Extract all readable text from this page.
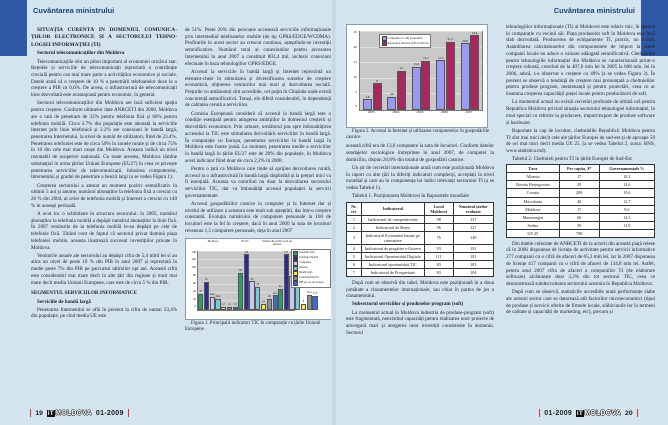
Cuvântarea ministrului	Cuvântarea ministrului

SITUAȚIA CURENTĂ ÎN DOMENIUL COMUNICA-ȚIILOR ELECTRONICE ȘI A SECTORULUI TEHNO-LOGIEI INFORMAȚIEI (TI)

Sectorul telecomunicațiilor din Moldova

Telecomunicațiile sînt un pilon important al economiei oricărui stat. Rețelele și serviciile de telecomunicații reprezintă o contribuție crucială pentru cea mai mare parte a activităților economice și sociale. Datele arată că o creștere de 10 % a penetrării telefoanelor duce la o creștere a PIB cu 0,6%. De aceea, o infrastructură de telecomunicații bine dezvoltată este avantajoasă pentru economie, în general.

Sectorul telecomunicațiilor din Moldova are încă suficient spațiu pentru creștere. Conform ultimelor date ANRCETI din 2008, Moldova are o rată de penetrare de 32% pentru telefonia fixă și 60% pentru telefonia mobilă. Circa 3.7% din populație este abonată la serviciile Internet prin linie telefonică și 2.2% are conexiuni în bandă largă, penetrarea Internetului, la nivel de număr de utilizatori, fiind de 23.4%. Penetrarea telefoniei este de circa 50% în zonele rurale și de circa 75% în 10 din cele mai mari orașe din Moldova. Aceasta indică un nivel rezonabil de acoperire națională. Cu toate acestea, Moldova rămîne substanțial în urma țărilor Uniuni Europene (EU27) în ceea ce privește penetrarea serviciilor de telecomunicații, folosirea computerelor, Internetului și gradul de penetrare a benzii largi (a se vedea Figura 1).

Creșterea sectorului a atestat un moment pozitiv semnificativ în ultimii 5 ani și anume, numărul abonaților la telefonia fixă a crescut cu 26 % din 2004, al celor de telefonia mobilă și Internet a crescut cu 140 % în aceeași perioadă.

A avut loc o schimbare în structura sectorului: în 2005, numărul abonaților la telefonia mobilă a depășit numărul abonaților la linie fixă. În 2007 veniturile de la telefonia mobilă le-au depășit pe cele de telefonie fixă. Ținînd cont de faptul că sectorul privat domină piața telefoniei mobile, aceasta ilustrează succesul investițiilor private în Moldova.

Veniturile anuale ale sectorului au depășit cifra de 5,4 mlrd lei si au atins un nivel de peste 10 % din PIB în anul 2007 și reprezintă în medie peste 7% din PIB pe parcursul ultimilor opt ani. Această cifră este considerabil mai mare decît în alte țări din regiune și mult mai mare decît media Uniunii Europene, care este de circa 5 % din PIB.

SEGMENTUL SERVICIILOR INFORMATICE

Serviciile de bandă largă

Penetrarea Internetului se află în prezent la cifra de numai 23,4% din populație, pe cînd media UE este

de 51%. Peste 20% din persoane accesează serviciile informaționale prin intermediul telefoanelor mobile (de tip GPRS/EDGE/WCDMA). Profiturile în acest sector au crescut continuu, așteptîndu-se investiții semnificative. Numărul total al conexiunilor pentru accesarea Internetului în anul 2007 a constituit 803,4 mii, inclusiv conexiuni efectuate în baza tehnologiilor GPRS/EDGE.

Accesul la serviciile în bandă largă și Internet reprezintă un element-cheie în stimularea și diversificarea surselor de creștere economică, obținerea veniturilor mai mari și dezvoltarea socială. Prețurile cu amănuntul sînt accesibile, cel puțin în Chișinău unde există concurență semnificativă. Totuși, ele diferă considerabil, în dependență de calitatea cerută a serviciilor.

Comisia Europeană consideră că accesul la bandă largă este o condiție esențială pentru atingerea ambițiilor în domeniul creșterii și dezvoltării economice. Prin urmare, următorul pas spre îmbunătățirea accesului la TIC este stimularea dezvoltării serviciilor în bandă largă. În comparație cu Europa, penetrarea serviciilor în bandă largă în Moldova este foarte joasă. La moment, penetrarea medie a serviciilor în bandă largă în țările EU27 este de 20% din populație, în Moldova acest indicator fiind doar de circa 2,2% în 2008.

Pentru o țară ca Moldova care tinde să sprijine dezvoltarea rurală, accesul la o infrastructură în bandă largă răspîndită și la prețuri mici va fi esențială. Aceasta va contribui nu doar la dezvoltarea sectorului serviciilor TIC, dar va îmbunătăți accesul populației la servicii guvernamentale.

Accesul gospodăriilor casnice la computer și la Internet dar și nivelul de utilizare a acestora este mult sub așteptări, dar într-o creștere constantă. Evoluția numărului de computere personale la 100 de locuitori este la fel în creștere, dacă în anul 2000 la suta de locuitori reveneau 1,5 computere personale, deja în anul 2007

Moldova	EU27	Statele din prima fază de aderare
140
120
100
80
60
40
20
0
32
61
24,6
20,4
1,7 1,1 2,5
84
140
63
50
9,3
20
29,3
44
137
8
30,2 27,8
Telefonia fixă
Telefonia mobilă
Computere
Internet
Bandă largă
Conexiuni fără fir
PIB pe cap de locuitor

Figura 1. Principalii indicatori TIC în comparație cu țările Uniunii Europene

25
20
15
10
5
0
2,8
8
3,6
12
13,2
15,2	15,3
21,2	20,8
23,4
2003	2004	2005	2006	2007
Computere la 100 gospodării
Penetrarea Internet (100 locuitori)

Figura 2. Accesul la Internet și utilizarea computerelor în gospodăriile casnice

această cifră era de 13,6 computere la suta de locuitori. Conform datelor sondajelor sociologice întreprinse în anul 2007, de computer la domiciliu, dispun 20,8% din totalul de gospodării casnice.

Un șir de cercetări internaționale arată cum este poziționată Moldova în raport cu alte țări la diferiți indicatori complecși, acceptați la nivel mondial și care au în componența lor indici relevanți sectorului TI (a se vedea Tabelul 1).

Tabelul 1. Poziționarea Moldovei în Rapoartele mondiale

Nr. crt.	Indicatorul	Locul Moldovei	Numărul țărilor evaluate
1	Indicatorul de competitivitate	98	137
2	Indicatorul de Rețea	96	127
3	Indicatorul Economiei bazate pe cunoaștere	76	140
4	Indicatorul de pregătire e-Guvern	93	191
5	Indicatorul Oportunității Digitale	111	181
6	Indicatorul oportunității TIC	83	183
7	Indicatorul de Prosperitate	83	104

După cum se observă din tabel, Moldova este poziționată în a doua jumătate a clasamentelor internaționale, sau chiar în partea de jos a clasamentului.

Subsectorul serviciilor și produselor program (soft)

La momentul actual în Moldova industria de produse-program (soft) este fragmentată, neexistînd capacități pentru realizarea unor proiecte de anvergură mari și atragerea unor investiții consistente în domeniu. Sectorul

tehnologiilor informaționale (TI) al Moldovei este relativ mic, în special în comparație cu vecinii săi. Piața produselor soft în Moldova este încă slab dezvoltată. Producerea de echipamente TI, practic, nu există. Asamblarea calculatoarelor din componentele de import la unele companii locale nu aduce o valoare adăugată semnificativă. Cheltuielile pentru tehnologiile informației din Moldova se caracterizează printr-o creștere robustă, crescînd de la 407,6 mln lei în 2005 la 608 mln. lei în 2006, adică, s-a observat o creștere cu 49% (a se vedea Figura 3). În prezent se observă o tendință de creștere mai pronunțată a cheltuielilor pentru produse program, mentenanță și pentru proiectări, ceea ce ar însemna creșterea capacității pieței locale pentru producătorii de soft.

La momentul actual nu există cercetări profunde de ultimă oră pentru Republica Moldova privind situația sectorului tehnologiei informației, în mod special cu referire la producere, import/export de produse software și hardware.

Raportate la cap de locuitor, cheltuielile Republicii Moldova pentru TI sînt mai mici decît cele ale țărilor Europei de sud-est și de aproape 50 de ori mai mici decît media UE 25. (a se vedea Tabelul 2, sursa: BNS, www.statistica.md).

Tabelul 2. Cheltuieli pentru TI în țările Europei de Sud-Est

Țara	Per capita, $*	Guvernamentale %
Albania	17	10,2
Bosnia Herțegovina	29	12,6
Croația	208	19,6
Macedonia	40	12,7
Moldova	17	9,6
Muntenegru	66	14,3
Serbia	59	13,9
UE 25	798	

Din datele colectate de ANRCETI de la actorii din această piață reiese că în 2006 dispuneau de licențe de activitate pentru servicii informatice 277 companii cu o cifră de afaceri de 65,3 mln lei, iar în 2007 dispuneau de licențe 417 companii cu o cifră de afaceri de 134,8 mln lei. Astfel, pentru anul 2007 cifra de afaceri a companiilor TI (de elaborare software) alcătuiește doar 3,3% din tot sectorul TIC, ceea ce demonstrează subdezvoltarea sectorului acestuia în Republica Moldova.

După cum se observă, statisticile accesibile arată performanțe slabe ale acestui sector care se datorează atît factorilor microeconomici (tipul de produse și servicii oferite de firmele locale, slăbiciunile lor în termeni de calitate și capacități de marketing, etc), precum și

19 iT MOLDOVA 01-2009	01-2009 iT MOLDOVA 20
